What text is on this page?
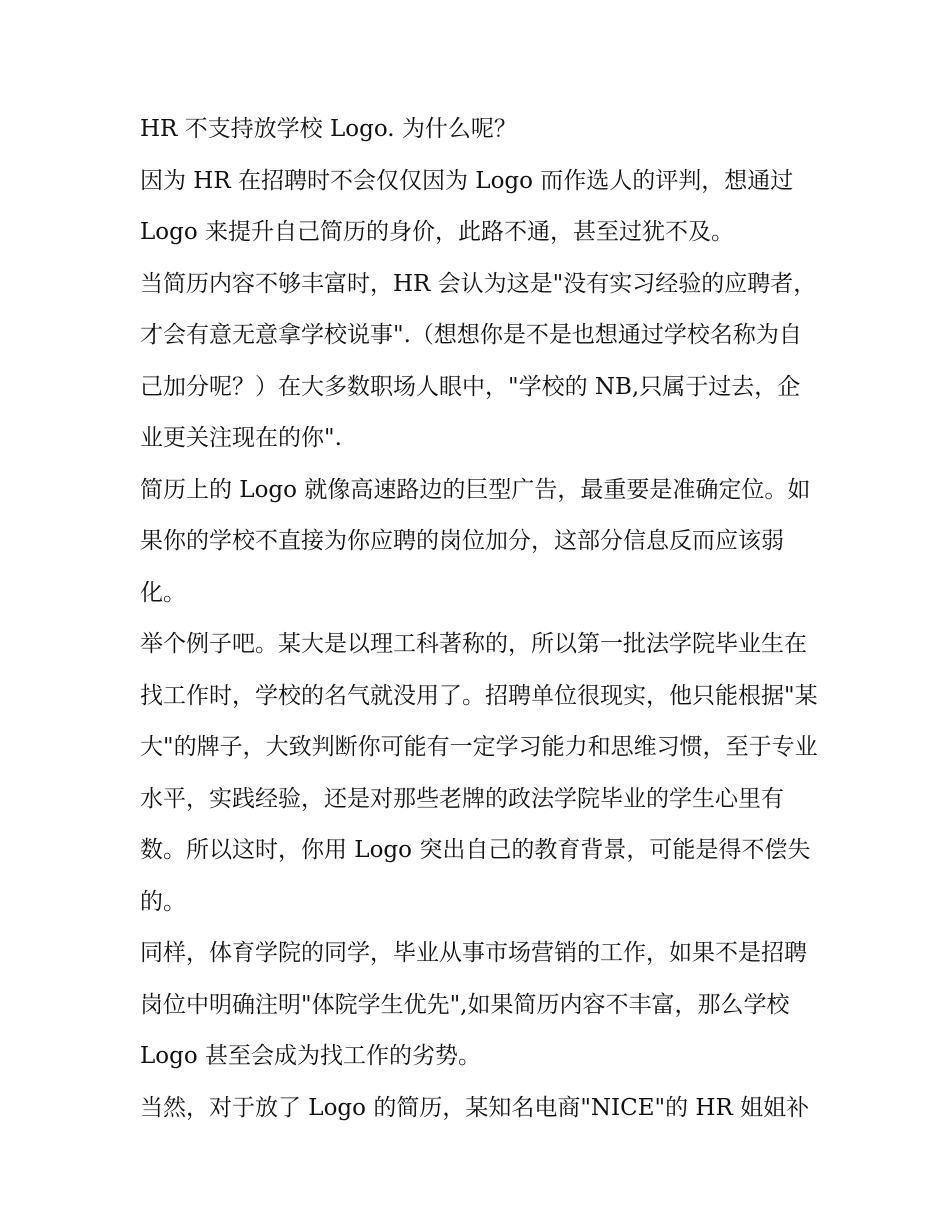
HR 不支持放学校 Logo. 为什么呢？

因为 HR 在招聘时不会仅仅因为 Logo 而作选人的评判，想通过 Logo 来提升自己简历的身价，此路不通，甚至过犹不及。

当简历内容不够丰富时，HR 会认为这是"没有实习经验的应聘者，才会有意无意拿学校说事".（想想你是不是也想通过学校名称为自己加分呢？）在大多数职场人眼中，"学校的 NB,只属于过去，企业更关注现在的你".

简历上的 Logo 就像高速路边的巨型广告，最重要是准确定位。如果你的学校不直接为你应聘的岗位加分，这部分信息反而应该弱化。

举个例子吧。某大是以理工科著称的，所以第一批法学院毕业生在找工作时，学校的名气就没用了。招聘单位很现实，他只能根据"某大"的牌子，大致判断你可能有一定学习能力和思维习惯，至于专业水平，实践经验，还是对那些老牌的政法学院毕业的学生心里有数。所以这时，你用 Logo 突出自己的教育背景，可能是得不偿失的。

同样，体育学院的同学，毕业从事市场营销的工作，如果不是招聘岗位中明确注明"体院学生优先",如果简历内容不丰富，那么学校 Logo 甚至会成为找工作的劣势。

当然，对于放了 Logo 的简历，某知名电商"NICE"的 HR 姐姐补
